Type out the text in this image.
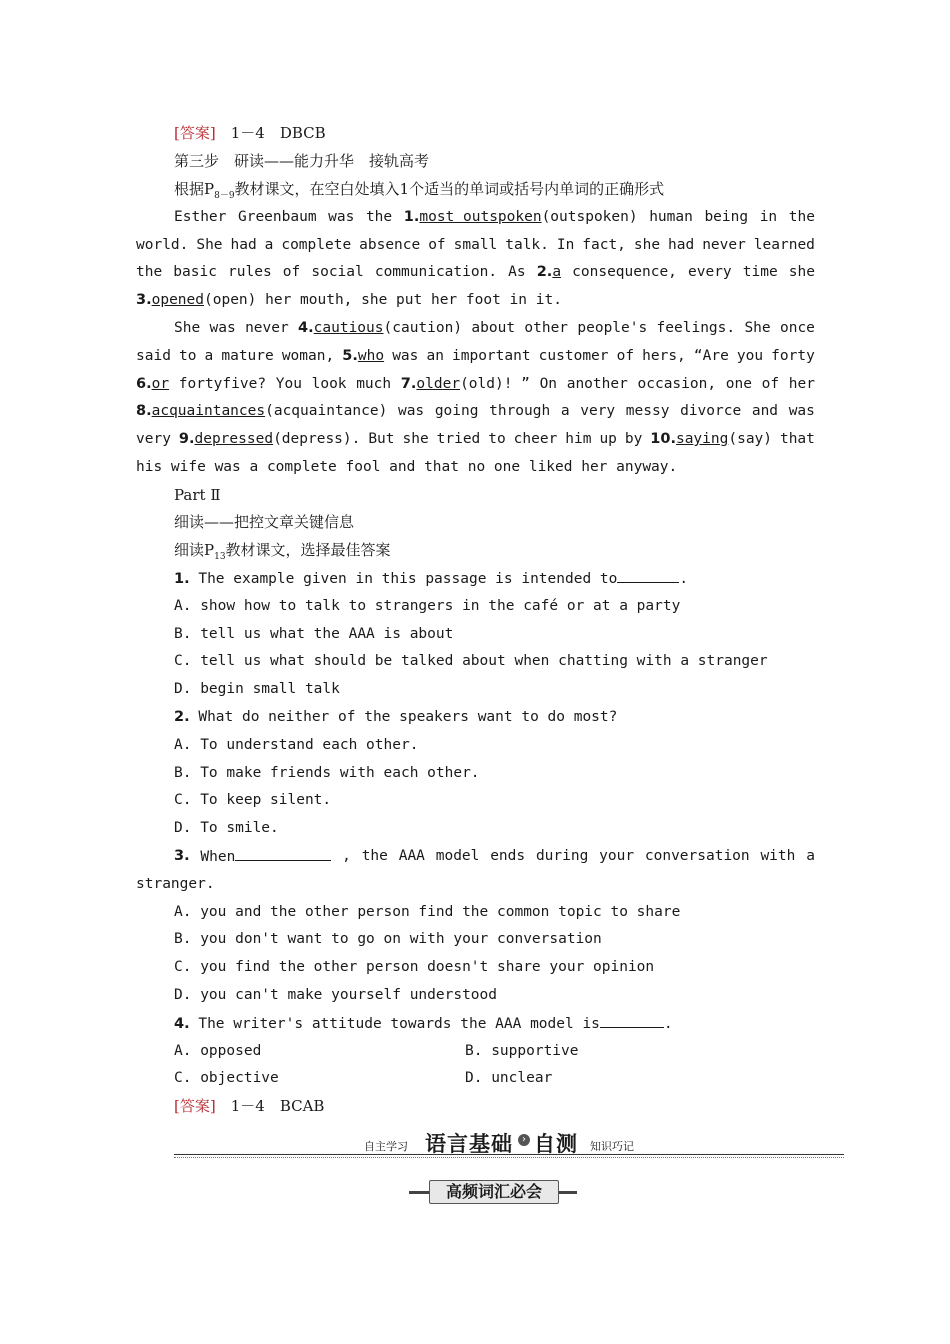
[答案]　 1－4　DBCB
第三步　研读——能力升华　接轨高考
根据$P_{8-9}$教材课文，在空白处填入1个适当的单词或括号内单词的正确形式
Esther Greenbaum was the 1.most outspoken(outspoken) human being in the
world. She had a complete absence of small talk. In fact, she had never learned
the basic rules of social communication. As 2.a consequence, every time she
3.opened(open) her mouth, she put her foot in it.
She was never 4.cautious(caution) about other people's feelings. She once
said to a mature woman, 5.who was an important customer of hers, “Are you forty
6.or fortyfive? You look much 7.older(old)! ” On another occasion, one of her
8.acquaintances(acquaintance) was going through a very messy divorce and was
very 9.depressed(depress). But she tried to cheer him up by 10.saying(say) that
his wife was a complete fool and that no one liked her anyway.
Part Ⅱ
细读——把控文章关键信息
细读$P_{13}$教材课文，选择最佳答案
1. The example given in this passage is intended to	.
A. show how to talk to strangers in the café or at a party
B. tell us what the AAA is about
C. tell us what should be talked about when chatting with a stranger
D. begin small talk
2. What do neither of the speakers want to do most?
A. To understand each other.
B. To make friends with each other.
C. To keep silent.
D. To smile.
3. When	, the AAA model ends during your conversation with a
stranger.
A. you and the other person find the common topic to share
B. you don't want to go on with your conversation
C. you find the other person doesn't share your opinion
D. you can't make yourself understood
4. The writer's attitude towards the AAA model is	.
A. opposed	B. supportive
C. objective	D. unclear
[答案]　 1－4　BCAB
自主学习 语言基础 › 自测 知识巧记
高频词汇必会
